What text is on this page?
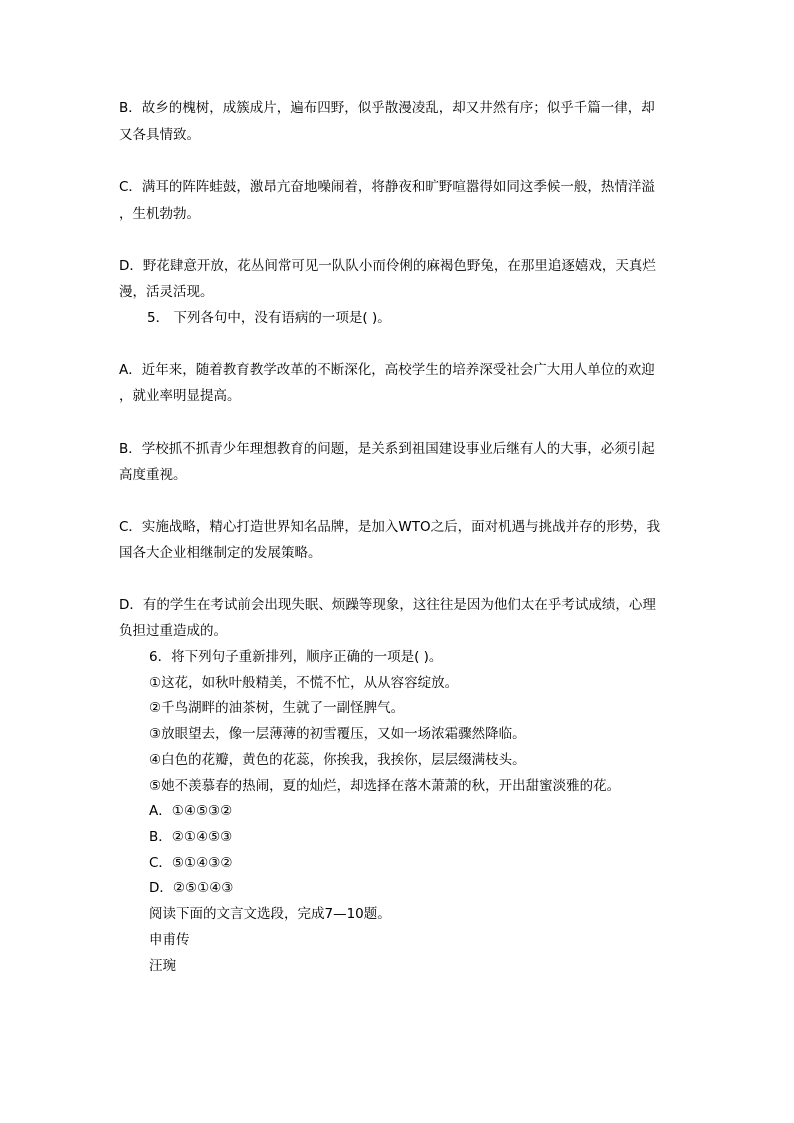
B．故乡的槐树，成簇成片，遍布四野，似乎散漫凌乱，却又井然有序；似乎千篇一律，却
又各具情致。
C．满耳的阵阵蛙鼓，激昂亢奋地噪闹着，将静夜和旷野喧嚣得如同这季候一般，热情洋溢
，生机勃勃。
D．野花肆意开放，花丛间常可见一队队小而伶俐的麻褐色野兔，在那里追逐嬉戏，天真烂
漫，活灵活现。
5． 下列各句中，没有语病的一项是( )。
A．近年来，随着教育教学改革的不断深化，高校学生的培养深受社会广大用人单位的欢迎
，就业率明显提高。
B．学校抓不抓青少年理想教育的问题，是关系到祖国建设事业后继有人的大事，必须引起
高度重视。
C．实施战略，精心打造世界知名品牌，是加入WTO之后，面对机遇与挑战并存的形势，我
国各大企业相继制定的发展策略。
D．有的学生在考试前会出现失眠、烦躁等现象，这往往是因为他们太在乎考试成绩，心理
负担过重造成的。
6．将下列句子重新排列，顺序正确的一项是( )。
①这花，如秋叶般精美，不慌不忙，从从容容绽放。
②千鸟湖畔的油茶树，生就了一副怪脾气。
③放眼望去，像一层薄薄的初雪覆压，又如一场浓霜骤然降临。
④白色的花瓣，黄色的花蕊，你挨我，我挨你，层层缀满枝头。
⑤她不羡慕春的热闹，夏的灿烂，却选择在落木萧萧的秋，开出甜蜜淡雅的花。
A．①④⑤③②
B．②①④⑤③
C．⑤①④③②
D．②⑤①④③
阅读下面的文言文选段，完成7—10题。
申甫传
汪琬
